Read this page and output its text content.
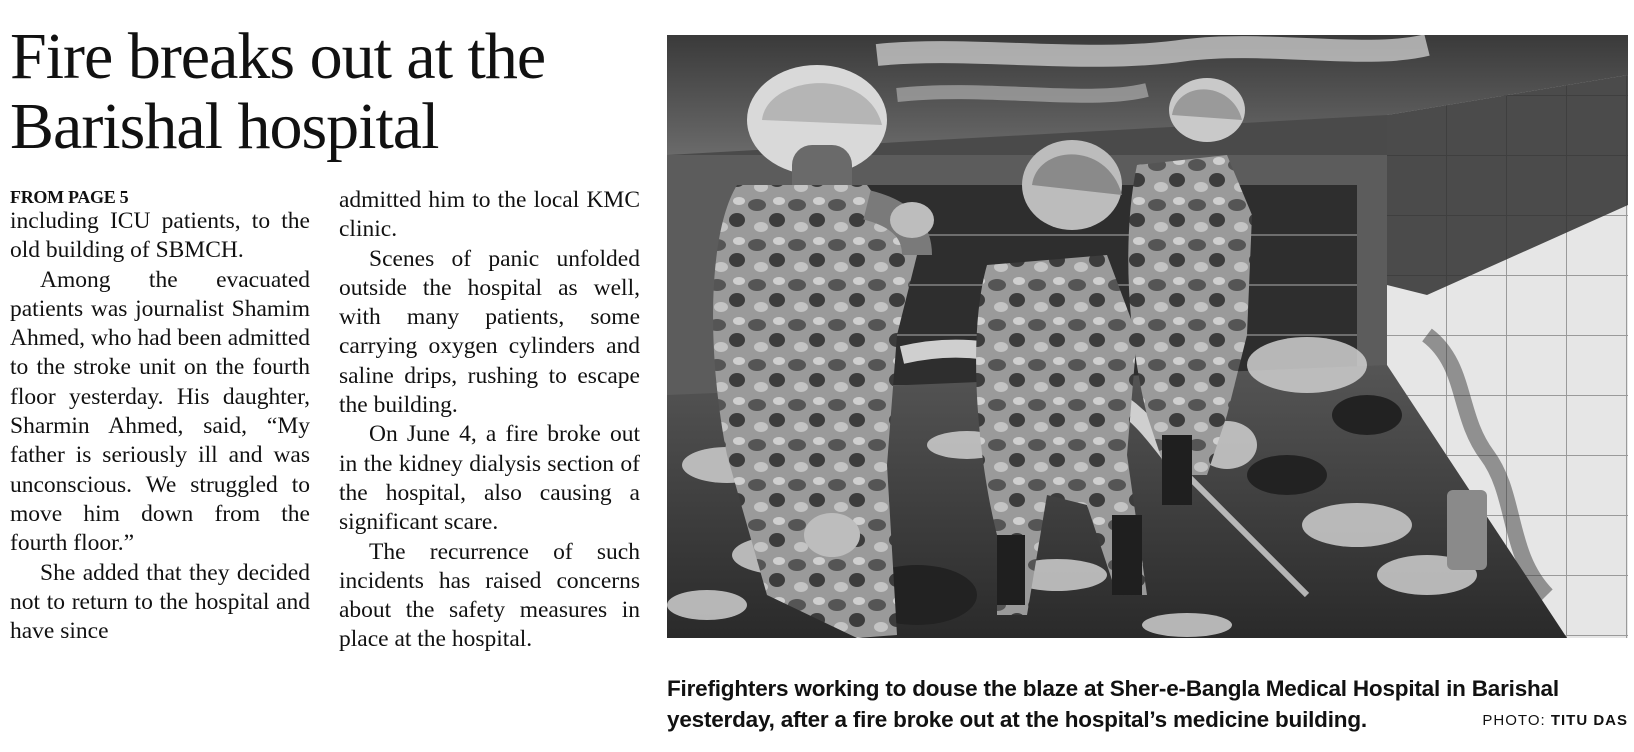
Fire breaks out at the
Barishal hospital
FROM PAGE 5

including ICU patients, to the old building of SBMCH.

Among the evacuated patients was journalist Shamim Ahmed, who had been admitted to the stroke unit on the fourth floor yesterday. His daughter, Sharmin Ahmed, said, “My father is seriously ill and was unconscious. We struggled to move him down from the fourth floor.”

She added that they decided not to return to the hospital and have since

admitted him to the local KMC clinic.

Scenes of panic unfolded outside the hospital as well, with many patients, some carrying oxygen cylinders and saline drips, rushing to escape the building.

On June 4, a fire broke out in the kidney dialysis section of the hospital, also causing a significant scare.

The recurrence of such incidents has raised concerns about the safety measures in place at the hospital.

Firefighters working to douse the blaze at Sher-e-Bangla Medical Hospital in Barishal
yesterday, after a fire broke out at the hospital’s medicine building.	PHOTO: TITU DAS
